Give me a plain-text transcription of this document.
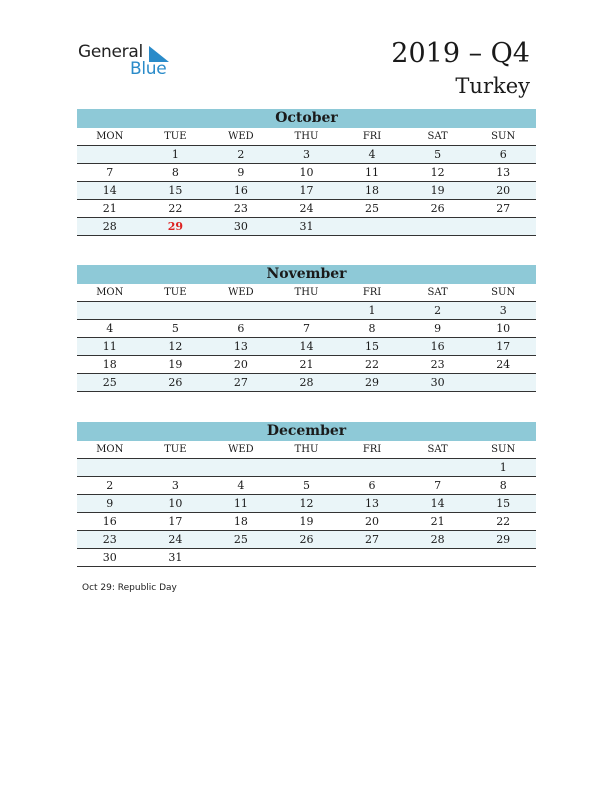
General
Blue	2019 – Q4
Turkey
October
MON	TUE	WED	THU	FRI	SAT	SUN
	1	2	3	4	5	6
7	8	9	10	11	12	13
14	15	16	17	18	19	20
21	22	23	24	25	26	27
28	29	30	31			
November
MON	TUE	WED	THU	FRI	SAT	SUN
				1	2	3
4	5	6	7	8	9	10
11	12	13	14	15	16	17
18	19	20	21	22	23	24
25	26	27	28	29	30	
December
MON	TUE	WED	THU	FRI	SAT	SUN
						1
2	3	4	5	6	7	8
9	10	11	12	13	14	15
16	17	18	19	20	21	22
23	24	25	26	27	28	29
30	31					
Oct 29: Republic Day
